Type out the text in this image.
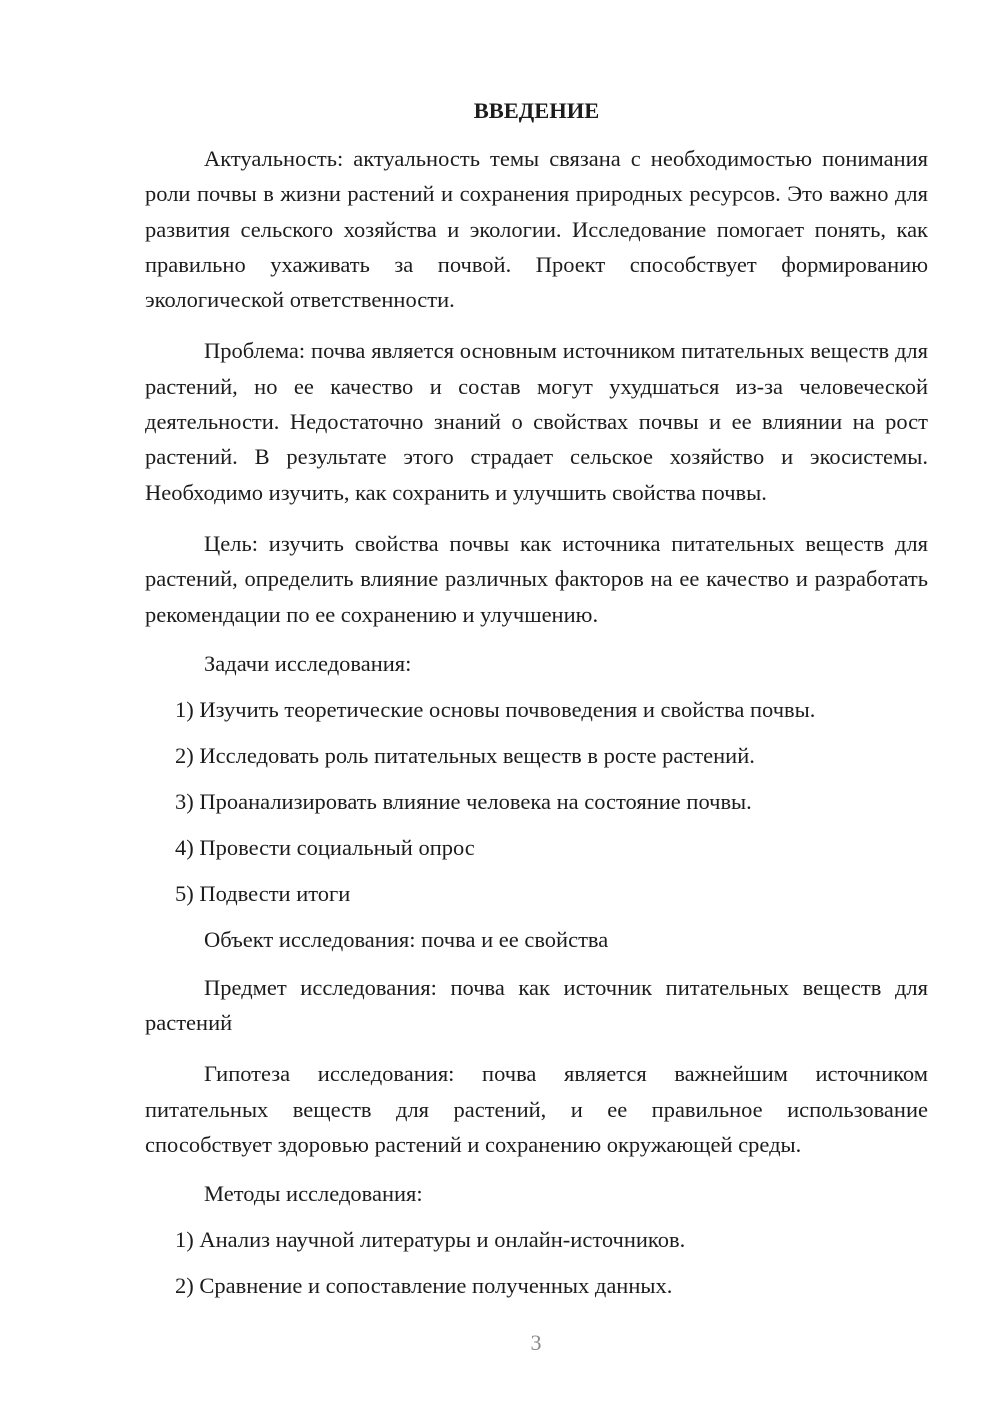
ВВЕДЕНИЕ

Актуальность: актуальность темы связана с необходимостью понимания роли почвы в жизни растений и сохранения природных ресурсов. Это важно для развития сельского хозяйства и экологии. Исследование помогает понять, как правильно ухаживать за почвой. Проект способствует формированию экологической ответственности.

Проблема: почва является основным источником питательных веществ для растений, но ее качество и состав могут ухудшаться из-за человеческой деятельности. Недостаточно знаний о свойствах почвы и ее влиянии на рост растений. В результате этого страдает сельское хозяйство и экосистемы. Необходимо изучить, как сохранить и улучшить свойства почвы.

Цель: изучить свойства почвы как источника питательных веществ для растений, определить влияние различных факторов на ее качество и разработать рекомендации по ее сохранению и улучшению.

Задачи исследования:
1) Изучить теоретические основы почвоведения и свойства почвы.
2) Исследовать роль питательных веществ в росте растений.
3) Проанализировать влияние человека на состояние почвы.
4) Провести социальный опрос
5) Подвести итоги
Объект исследования: почва и ее свойства

Предмет исследования: почва как источник питательных веществ для растений

Гипотеза исследования: почва является важнейшим источником питательных веществ для растений, и ее правильное использование способствует здоровью растений и сохранению окружающей среды.

Методы исследования:
1) Анализ научной литературы и онлайн-источников.
2) Сравнение и сопоставление полученных данных.
3
